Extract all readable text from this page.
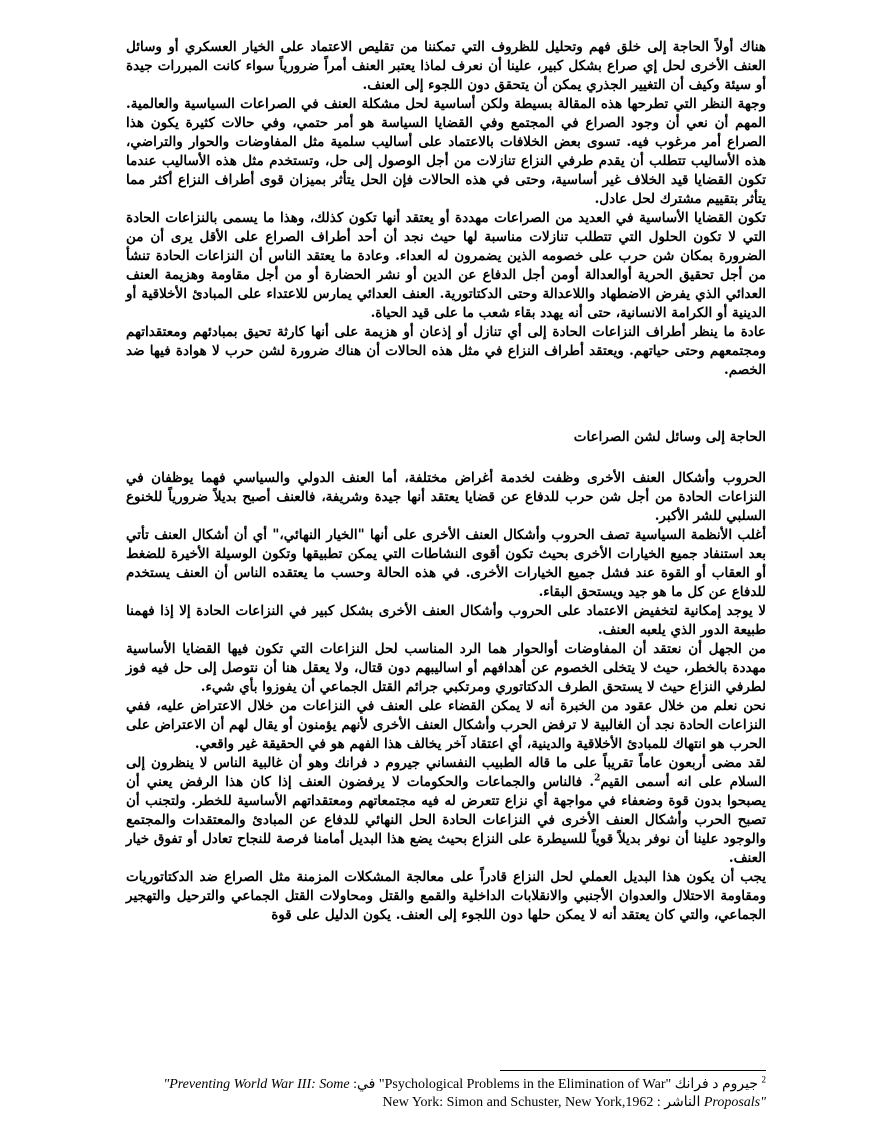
هناك أولاً الحاجة إلى خلق فهم وتحليل للظروف التي تمكننا من تقليص الاعتماد على الخيار العسكري أو وسائل العنف الأخرى لحل إي صراع بشكل كبير، علينا أن نعرف لماذا يعتبر العنف أمراً ضرورياً سواء كانت المبررات جيدة أو سيئة وكيف أن التغيير الجذري يمكن أن يتحقق دون اللجوء إلى العنف.

وجهة النظر التي تطرحها هذه المقالة بسيطة ولكن أساسية لحل مشكلة العنف في الصراعات السياسية والعالمية. المهم أن نعي أن وجود الصراع في المجتمع وفي القضايا السياسة هو أمر حتمي، وفي حالات كثيرة يكون هذا الصراع أمر مرغوب فيه. تسوى بعض الخلافات بالاعتماد على أساليب سلمية مثل المفاوضات والحوار والتراضي، هذه الأساليب تتطلب أن يقدم طرفي النزاع تنازلات من أجل الوصول إلى حل، وتستخدم مثل هذه الأساليب عندما تكون القضايا قيد الخلاف غير أساسية، وحتى في هذه الحالات فإن الحل يتأثر بميزان قوى أطراف النزاع أكثر مما يتأثر بتقييم مشترك لحل عادل.

تكون القضايا الأساسية في العديد من الصراعات مهددة أو يعتقد أنها تكون كذلك، وهذا ما يسمى بالنزاعات الحادة التي لا تكون الحلول التي تتطلب تنازلات مناسبة لها حيث نجد أن أحد أطراف الصراع على الأقل يرى أن من الضرورة بمكان شن حرب على خصومه الذين يضمرون له العداء. وعادة ما يعتقد الناس أن النزاعات الحادة تنشأ من أجل تحقيق الحرية أوالعدالة أومن أجل الدفاع عن الدين أو نشر الحضارة أو من أجل مقاومة وهزيمة العنف العدائي الذي يفرض الاضطهاد واللاعدالة وحتى الدكتاتورية. العنف العدائي يمارس للاعتداء على المبادئ الأخلاقية أو الدينية أو الكرامة الانسانية، حتى أنه يهدد بقاء شعب ما على قيد الحياة.

عادة ما ينظر أطراف النزاعات الحادة إلى أي تنازل أو إذعان أو هزيمة على أنها كارثة تحيق بمبادئهم ومعتقداتهم ومجتمعهم وحتى حياتهم. ويعتقد أطراف النزاع في مثل هذه الحالات أن هناك ضرورة لشن حرب لا هوادة فيها ضد الخصم.

الحاجة إلى وسائل لشن الصراعات

الحروب وأشكال العنف الأخرى وظفت لخدمة أغراض مختلفة، أما العنف الدولي والسياسي فهما يوظفان في النزاعات الحادة من أجل شن حرب للدفاع عن قضايا يعتقد أنها جيدة وشريفة، فالعنف أصبح بديلاً ضرورياً للخنوع السلبي للشر الأكبر.

أغلب الأنظمة السياسية تصف الحروب وأشكال العنف الأخرى على أنها "الخيار النهائي،" أي أن أشكال العنف تأتي بعد استنفاد جميع الخيارات الأخرى بحيث تكون أقوى النشاطات التي يمكن تطبيقها وتكون الوسيلة الأخيرة للضغط أو العقاب أو القوة عند فشل جميع الخيارات الأخرى. في هذه الحالة وحسب ما يعتقده الناس أن العنف يستخدم للدفاع عن كل ما هو جيد ويستحق البقاء.

لا يوجد إمكانية لتخفيض الاعتماد على الحروب وأشكال العنف الأخرى بشكل كبير في النزاعات الحادة إلا إذا فهمنا طبيعة الدور الذي يلعبه العنف.

من الجهل أن نعتقد أن المفاوضات أوالحوار هما الرد المناسب لحل النزاعات التي تكون فيها القضايا الأساسية مهددة بالخطر، حيث لا يتخلى الخصوم عن أهدافهم أو اساليبهم دون قتال، ولا يعقل هنا أن نتوصل إلى حل فيه فوز لطرفي النزاع حيث لا يستحق الطرف الدكتاتوري ومرتكبي جرائم القتل الجماعي أن يفوزوا بأي شيء.

نحن نعلم من خلال عقود من الخبرة أنه لا يمكن القضاء على العنف في النزاعات من خلال الاعتراض عليه، ففي النزاعات الحادة نجد أن الغالبية لا ترفض الحرب وأشكال العنف الأخرى لأنهم يؤمنون أو يقال لهم أن الاعتراض على الحرب هو انتهاك للمبادئ الأخلاقية والدينية، أي اعتقاد آخر يخالف هذا الفهم هو في الحقيقة غير واقعي.

لقد مضى أربعون عاماً تقريباً على ما قاله الطبيب النفساني جيروم د فرانك وهو أن غالبية الناس لا ينظرون إلى السلام على انه أسمى القيم$^2$. فالناس والجماعات والحكومات لا يرفضون العنف إذا كان هذا الرفض يعني أن يصبحوا بدون قوة وضعفاء في مواجهة أي نزاع تتعرض له فيه مجتمعاتهم ومعتقداتهم الأساسية للخطر. ولتجنب أن تصبح الحرب وأشكال العنف الأخرى في النزاعات الحادة الحل النهائي للدفاع عن المبادئ والمعتقدات والمجتمع والوجود علينا أن نوفر بديلاً قوياً للسيطرة على النزاع بحيث يضع هذا البديل أمامنا فرصة للنجاح تعادل أو تفوق خيار العنف.

يجب أن يكون هذا البديل العملي لحل النزاع قادراً على معالجة المشكلات المزمنة مثل الصراع ضد الدكتاتوريات ومقاومة الاحتلال والعدوان الأجنبي والانقلابات الداخلية والقمع والقتل ومحاولات القتل الجماعي والترحيل والتهجير الجماعي، والتي كان يعتقد أنه لا يمكن حلها دون اللجوء إلى العنف. يكون الدليل على قوة

$^2$ جيروم د فرانك "Psychological Problems in the Elimination of War" في: "Preventing World War III: Some Proposals" الناشر : New York: Simon and Schuster, New York,1962
